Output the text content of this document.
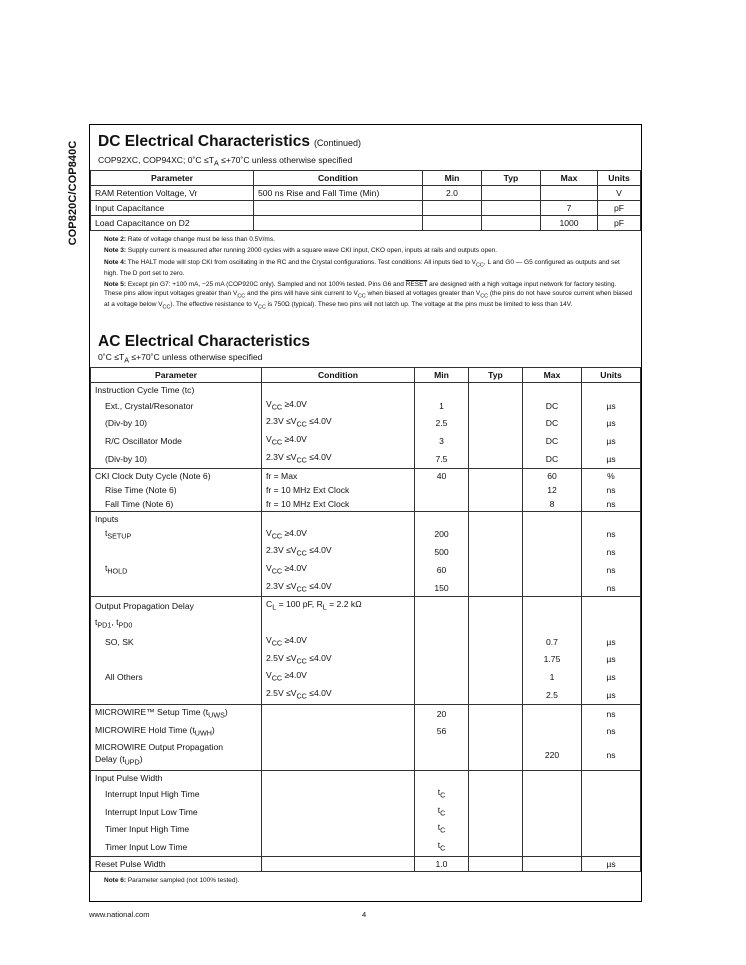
COP820C/COP840C DC Electrical Characteristics (Continued)
COP92XC, COP94XC; 0˚C $\le T_A$ ≤+70˚C unless otherwise specified
Parameter	Condition	Min	Typ	Max	Units
RAM Retention Voltage, Vr	500 ns Rise and Fall Time (Min)	2.0			V
Input Capacitance				7	pF
Load Capacitance on D2				1000	pF

Note 2: Rate of voltage change must be less than 0.5V/ms.

Note 3: Supply current is measured after running 2000 cycles with a square wave CKI input, CKO open, inputs at rails and outputs open.

Note 4: The HALT mode will stop CKI from oscillating in the RC and the Crystal configurations. Test conditions: All inputs tied to $V_{CC}$, L and G0 — G5 configured as outputs and set high. The D port set to zero.

Note 5: Except pin G7: +100 mA, −25 mA (COP920C only). Sampled and not 100% tested. Pins G6 and RESET are designed with a high voltage input network for factory testing. These pins allow input voltages greater than $V_{CC}$ and the pins will have sink current to $V_{CC}$ when biased at voltages greater than $V_{CC}$ (the pins do not have source current when biased at a voltage below $V_{CC}$). The effective resistance to $V_{CC}$ is 750Ω (typical). These two pins will not latch up. The voltage at the pins must be limited to less than 14V.

AC Electrical Characteristics
0˚C $\le T_A$ ≤+70˚C unless otherwise specified
Parameter	Condition	Min	Typ	Max	Units
Instruction Cycle Time (tc)					
Ext., Crystal/Resonator	$V_{CC} \ge 4.0V$	1		DC	µs
(Div-by 10)	$2.3V \le V_{CC} \le 4.0V$	2.5		DC	µs
R/C Oscillator Mode	$V_{CC} \ge 4.0V$	3		DC	µs
(Div-by 10)	$2.3V \le V_{CC} \le 4.0V$	7.5		DC	µs
CKI Clock Duty Cycle (Note 6)	fr = Max	40		60	%
Rise Time (Note 6)	fr = 10 MHz Ext Clock			12	ns
Fall Time (Note 6)	fr = 10 MHz Ext Clock			8	ns
Inputs					
$t_{SETUP}$	$V_{CC} \ge 4.0V$	200			ns
	$2.3V \le V_{CC} \le 4.0V$	500			ns
$t_{HOLD}$	$V_{CC} \ge 4.0V$	60			ns
	$2.3V \le V_{CC} \le 4.0V$	150			ns
Output Propagation Delay	$C_L = 100$ pF, $R_L = 2.2$ kΩ				
$t_{PD1}$, $t_{PD0}$					
SO, SK	$V_{CC} \ge 4.0V$			0.7	µs
	$2.5V \le V_{CC} \le 4.0V$			1.75	µs
All Others	$V_{CC} \ge 4.0V$			1	µs
	$2.5V \le V_{CC} \le 4.0V$			2.5	µs
MICROWIRE™ Setup Time $(t_{UWS})$		20			ns
MICROWIRE Hold Time $(t_{UWH})$		56			ns
MICROWIRE Output Propagation
Delay $(t_{UPD})$				220	ns
Input Pulse Width					
Interrupt Input High Time		$t_C$			
Interrupt Input Low Time		$t_C$			
Timer Input High Time		$t_C$			
Timer Input Low Time		$t_C$			
Reset Pulse Width		1.0			µs

Note 6: Parameter sampled (not 100% tested).

www.national.com	4
